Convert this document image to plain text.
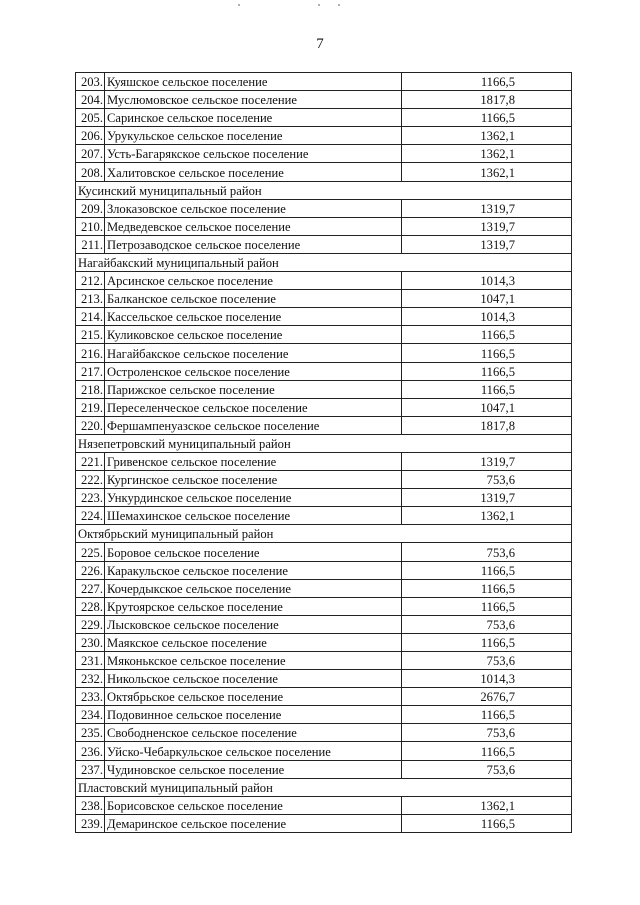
7
203.	Куяшское сельское поселение	1166,5
204.	Муслюмовское сельское поселение	1817,8
205.	Саринское сельское поселение	1166,5
206.	Урукульское сельское поселение	1362,1
207.	Усть-Багарякское сельское поселение	1362,1
208.	Халитовское сельское поселение	1362,1
Кусинский муниципальный район		
209.	Злоказовское сельское поселение	1319,7
210.	Медведевское сельское поселение	1319,7
211.	Петрозаводское сельское поселение	1319,7
Нагайбакский муниципальный район		
212.	Арсинское сельское поселение	1014,3
213.	Балканское сельское поселение	1047,1
214.	Кассельское сельское поселение	1014,3
215.	Куликовское сельское поселение	1166,5
216.	Нагайбакское сельское поселение	1166,5
217.	Остроленское сельское поселение	1166,5
218.	Парижское сельское поселение	1166,5
219.	Переселенческое сельское поселение	1047,1
220.	Фершампенуазское сельское поселение	1817,8
Нязепетровский муниципальный район		
221.	Гривенское сельское поселение	1319,7
222.	Кургинское сельское поселение	753,6
223.	Ункурдинское сельское поселение	1319,7
224.	Шемахинское сельское поселение	1362,1
Октябрьский муниципальный район		
225.	Боровое сельское поселение	753,6
226.	Каракульское сельское поселение	1166,5
227.	Кочердыкское сельское поселение	1166,5
228.	Крутоярское сельское поселение	1166,5
229.	Лысковское сельское поселение	753,6
230.	Маякское сельское поселение	1166,5
231.	Мяконькское сельское поселение	753,6
232.	Никольское сельское поселение	1014,3
233.	Октябрьское сельское поселение	2676,7
234.	Подовинное сельское поселение	1166,5
235.	Свободненское сельское поселение	753,6
236.	Уйско-Чебаркульское сельское поселение	1166,5
237.	Чудиновское сельское поселение	753,6
Пластовский муниципальный район		
238.	Борисовское сельское поселение	1362,1
239.	Демаринское сельское поселение	1166,5
